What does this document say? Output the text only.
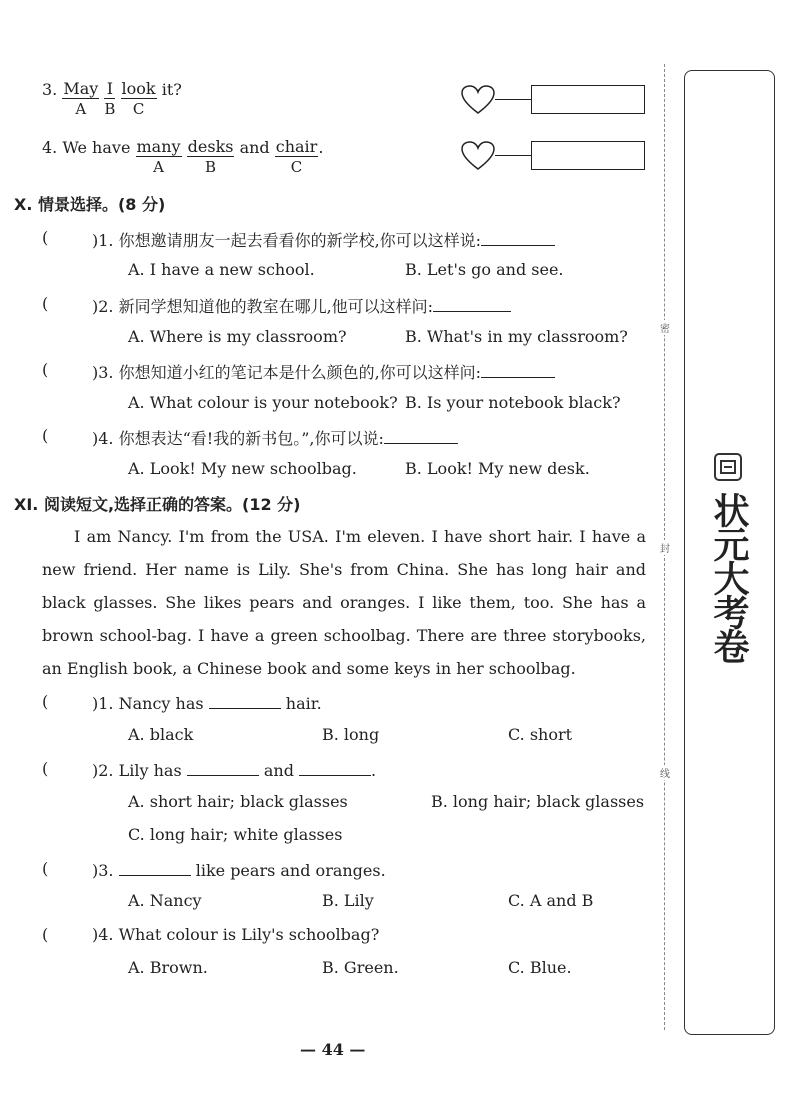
3. May
A
	$\frac{I}{B}$
look
C
it?
4. We have many
A

desks
B
and chair
C
.
X. 情景选择。(8 分)
(	)1. 你想邀请朋友一起去看看你的新学校,你可以这样说:
A. I have a new school.	B. Let's go and see.
(	)2. 新同学想知道他的教室在哪儿,他可以这样问:
A. Where is my classroom?	B. What's in my classroom?
(	)3. 你想知道小红的笔记本是什么颜色的,你可以这样问:
A. What colour is your notebook? B. Is your notebook black?
(	)4. 你想表达“看!我的新书包。”,你可以说:
A. Look! My new schoolbag.	B. Look! My new desk.
XI. 阅读短文,选择正确的答案。(12 分)
I am Nancy. I'm from the USA. I'm eleven. I have short hair. I have a new friend. Her name is Lily. She's from China. She has long hair and black glasses. She likes pears and oranges. I like them, too. She has a brown school-bag. I have a green schoolbag. There are three storybooks, an English book, a Chinese book and some keys in her schoolbag.
(	)1. Nancy has	hair.
A. black	B. long	C. short
(	)2. Lily has	and	.
A. short hair; black glasses	B. long hair; black glasses
C. long hair; white glasses
(	)3.	like pears and oranges.
A. Nancy	B. Lily	C. A and B
(	)4. What colour is Lily's schoolbag?
A. Brown.	B. Green.	C. Blue.
— 44 —
密
封
线
状元大考卷
